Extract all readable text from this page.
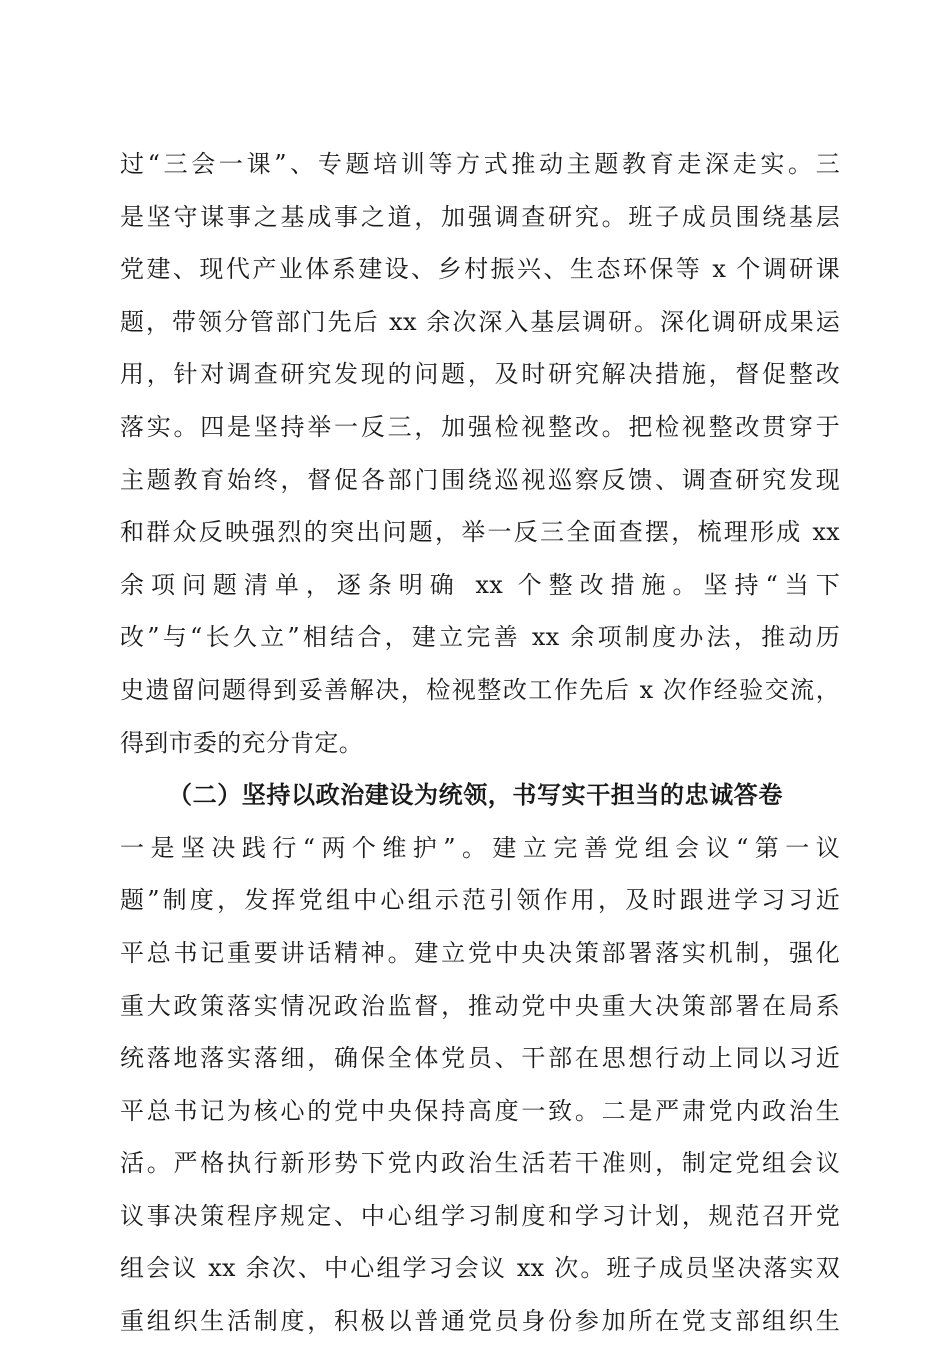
过“三会一课”、专题培训等方式推动主题教育走深走实。三
是坚守谋事之基成事之道，加强调查研究。班子成员围绕基层
党建、现代产业体系建设、乡村振兴、生态环保等 x 个调研课
题，带领分管部门先后 xx 余次深入基层调研。深化调研成果运
用，针对调查研究发现的问题，及时研究解决措施，督促整改
落实。四是坚持举一反三，加强检视整改。把检视整改贯穿于
主题教育始终，督促各部门围绕巡视巡察反馈、调查研究发现
和群众反映强烈的突出问题，举一反三全面查摆，梳理形成 xx
余项问题清单，逐条明确 xx 个整改措施。坚持“当下
改”与“长久立”相结合，建立完善 xx 余项制度办法，推动历
史遗留问题得到妥善解决，检视整改工作先后 x 次作经验交流，
得到市委的充分肯定。
（二）坚持以政治建设为统领，书写实干担当的忠诚答卷
一是坚决践行“两个维护”。建立完善党组会议“第一议
题”制度，发挥党组中心组示范引领作用，及时跟进学习习近
平总书记重要讲话精神。建立党中央决策部署落实机制，强化
重大政策落实情况政治监督，推动党中央重大决策部署在局系
统落地落实落细，确保全体党员、干部在思想行动上同以习近
平总书记为核心的党中央保持高度一致。二是严肃党内政治生
活。严格执行新形势下党内政治生活若干准则，制定党组会议
议事决策程序规定、中心组学习制度和学习计划，规范召开党
组会议 xx 余次、中心组学习会议 xx 次。班子成员坚决落实双
重组织生活制度，积极以普通党员身份参加所在党支部组织生
